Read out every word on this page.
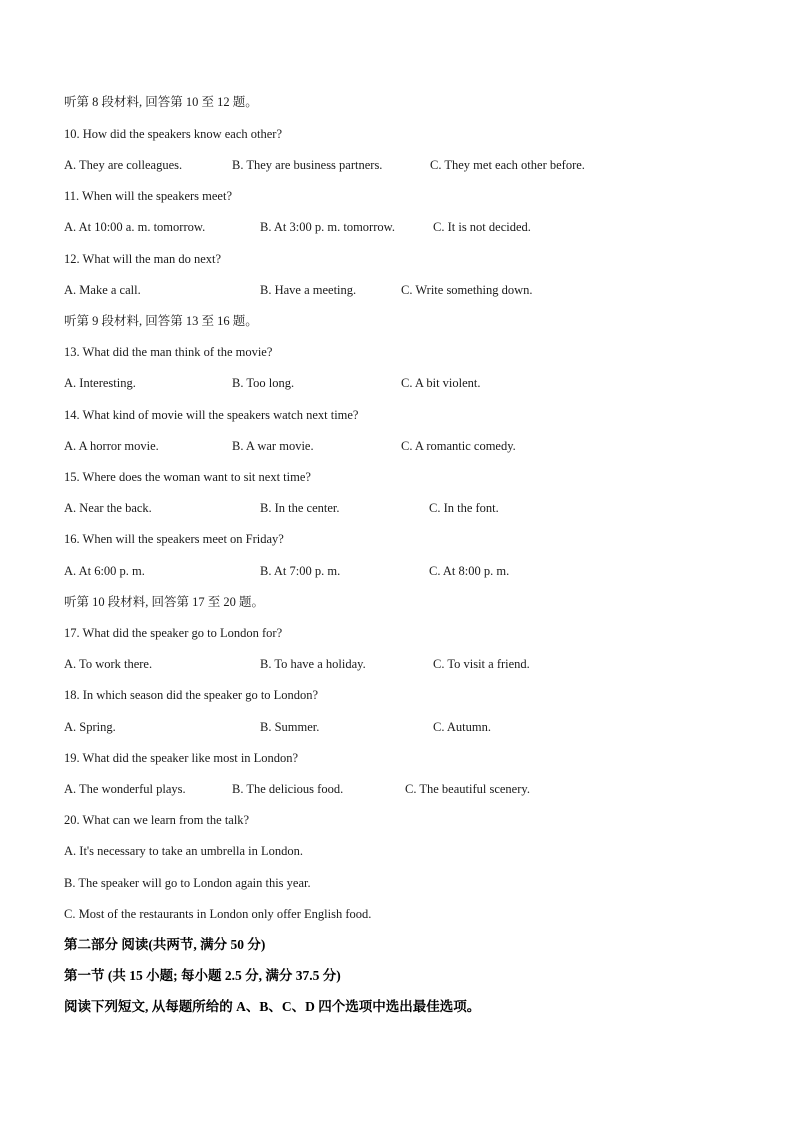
听第 8 段材料, 回答第 10 至 12 题。
10. How did the speakers know each other?
A. They are colleagues.	B. They are business partners.	C. They met each other before.
11. When will the speakers meet?
A. At 10:00 a. m. tomorrow.	B. At 3:00 p. m. tomorrow.	C. It is not decided.
12. What will the man do next?
A. Make a call.	B. Have a meeting.	C. Write something down.
听第 9 段材料, 回答第 13 至 16 题。
13. What did the man think of the movie?
A. Interesting.	B. Too long.	C. A bit violent.
14. What kind of movie will the speakers watch next time?
A. A horror movie.	B. A war movie.	C. A romantic comedy.
15. Where does the woman want to sit next time?
A. Near the back.	B. In the center.	C. In the font.
16. When will the speakers meet on Friday?
A. At 6:00 p. m.	B. At 7:00 p. m.	C. At 8:00 p. m.
听第 10 段材料, 回答第 17 至 20 题。
17. What did the speaker go to London for?
A. To work there.	B. To have a holiday.	C. To visit a friend.
18. In which season did the speaker go to London?
A. Spring.	B. Summer.	C. Autumn.
19. What did the speaker like most in London?
A. The wonderful plays.	B. The delicious food.	C. The beautiful scenery.
20. What can we learn from the talk?
A. It's necessary to take an umbrella in London.
B. The speaker will go to London again this year.
C. Most of the restaurants in London only offer English food.
第二部分 阅读(共两节, 满分 50 分)
第一节 (共 15 小题; 每小题 2.5 分, 满分 37.5 分)
阅读下列短文, 从每题所给的 A、B、C、D 四个选项中选出最佳选项。
